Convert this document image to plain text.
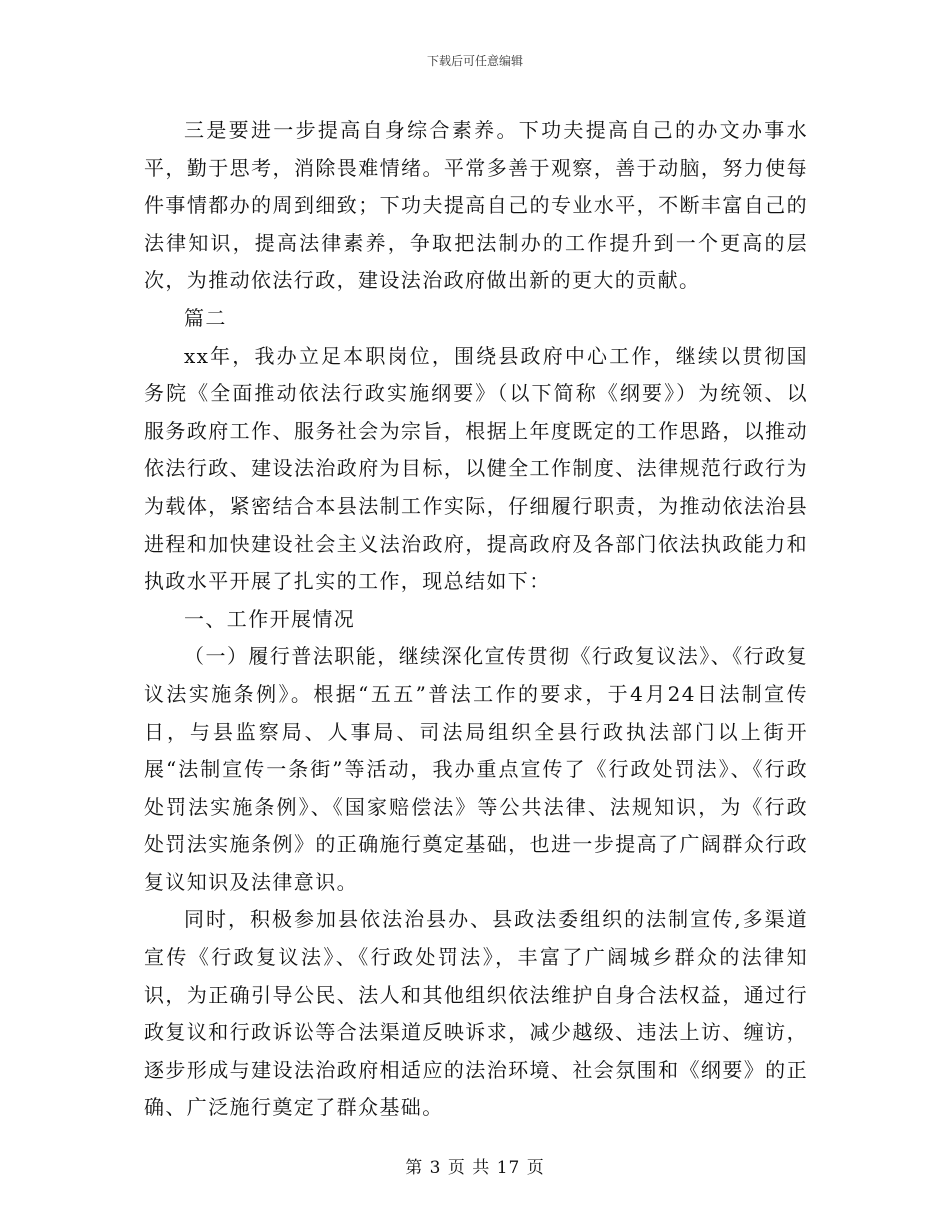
下载后可任意编辑

三是要进一步提高自身综合素养。下功夫提高自己的办文办事水平，勤于思考，消除畏难情绪。平常多善于观察，善于动脑，努力使每件事情都办的周到细致；下功夫提高自己的专业水平，不断丰富自己的法律知识，提高法律素养，争取把法制办的工作提升到一个更高的层次，为推动依法行政，建设法治政府做出新的更大的贡献。

篇二

xx年，我办立足本职岗位，围绕县政府中心工作，继续以贯彻国务院《全面推动依法行政实施纲要》（以下简称《纲要》）为统领、以服务政府工作、服务社会为宗旨，根据上年度既定的工作思路，以推动依法行政、建设法治政府为目标，以健全工作制度、法律规范行政行为为载体，紧密结合本县法制工作实际，仔细履行职责，为推动依法治县进程和加快建设社会主义法治政府，提高政府及各部门依法执政能力和执政水平开展了扎实的工作，现总结如下：

一、工作开展情况

（一）履行普法职能，继续深化宣传贯彻《行政复议法》、《行政复议法实施条例》。根据“五五”普法工作的要求，于4月24日法制宣传日，与县监察局、人事局、司法局组织全县行政执法部门以上街开展“法制宣传一条街”等活动，我办重点宣传了《行政处罚法》、《行政处罚法实施条例》、《国家赔偿法》等公共法律、法规知识，为《行政处罚法实施条例》的正确施行奠定基础，也进一步提高了广阔群众行政复议知识及法律意识。

同时，积极参加县依法治县办、县政法委组织的法制宣传,多渠道宣传《行政复议法》、《行政处罚法》，丰富了广阔城乡群众的法律知识，为正确引导公民、法人和其他组织依法维护自身合法权益，通过行政复议和行政诉讼等合法渠道反映诉求，减少越级、违法上访、缠访，逐步形成与建设法治政府相适应的法治环境、社会氛围和《纲要》的正确、广泛施行奠定了群众基础。

第 3 页 共 17 页
